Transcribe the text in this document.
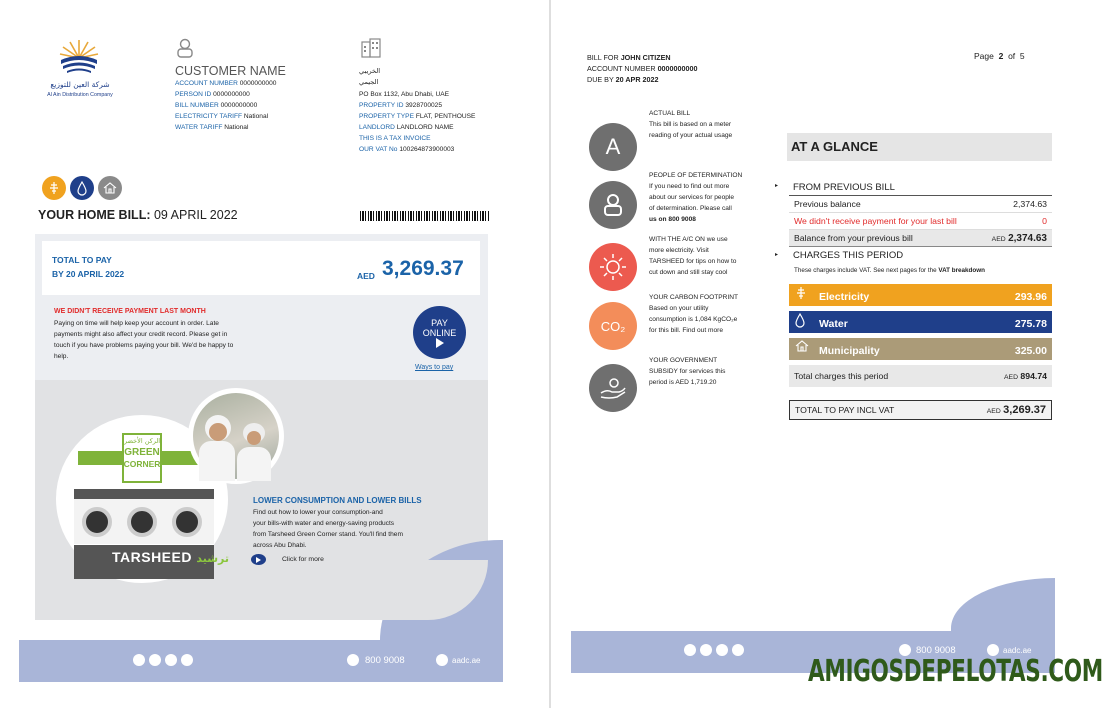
شركة العين للتوزيع
Al Ain Distribution Company
CUSTOMER NAME
ACCOUNT NUMBER 0000000000
PERSON ID 0000000000
BILL NUMBER 0000000000
ELECTRICITY TARIFF National
WATER TARIFF National
الخريبي
الجيمي
PO Box 1132, Abu Dhabi, UAE
PROPERTY ID 3928700025
PROPERTY TYPE FLAT, PENTHOUSE
LANDLORD LANDLORD NAME
THIS IS A TAX INVOICE
OUR VAT No 100264873900003
YOUR HOME BILL: 09 APRIL 2022
TOTAL TO PAY
BY 20 APRIL 2022	AED 3,269.37
WE DIDN'T RECEIVE PAYMENT LAST MONTH
Paying on time will help keep your account in order. Late
payments might also affect your credit record. Please get in
touch if you have problems paying your bill. We'd be happy to
help.
PAY
ONLINE
Ways to pay
الركن الأخضر
GREEN
CORNER
TARSHEED ترشيد
LOWER CONSUMPTION AND LOWER BILLS
Find out how to lower your consumption-and
your bills-with water and energy-saving products
from Tarsheed Green Corner stand. You'll find them
across Abu Dhabi.
Click for more
800 9008	aadc.ae
BILL FOR JOHN CITIZEN
ACCOUNT NUMBER 0000000000
DUE BY 20 APR 2022
Page 2 of 5
A
ACTUAL BILL
This bill is based on a meter
reading of your actual usage
PEOPLE OF DETERMINATION
If you need to find out more
about our services for people
of determination. Please call
us on 800 9008
WITH THE A/C ON we use
more electricity. Visit
TARSHEED for tips on how to
cut down and still stay cool
CO₂
YOUR CARBON FOOTPRINT
Based on your utility
consumption is 1,084 KgCO₂e
for this bill. Find out more
YOUR GOVERNMENT
SUBSIDY for services this
period is AED 1,719.20
AT A GLANCE
▸ FROM PREVIOUS BILL
Previous balance	2,374.63
We didn't receive payment for your last bill	0
Balance from your previous bill	AED 2,374.63
▸ CHARGES THIS PERIOD
These charges include VAT. See next pages for the VAT breakdown
Electricity	293.96
Water	275.78
Municipality	325.00
Total charges this period	AED 894.74
TOTAL TO PAY INCL VAT	AED 3,269.37
800 9008	aadc.ae
AMIGOSDEPELOTAS.COM
